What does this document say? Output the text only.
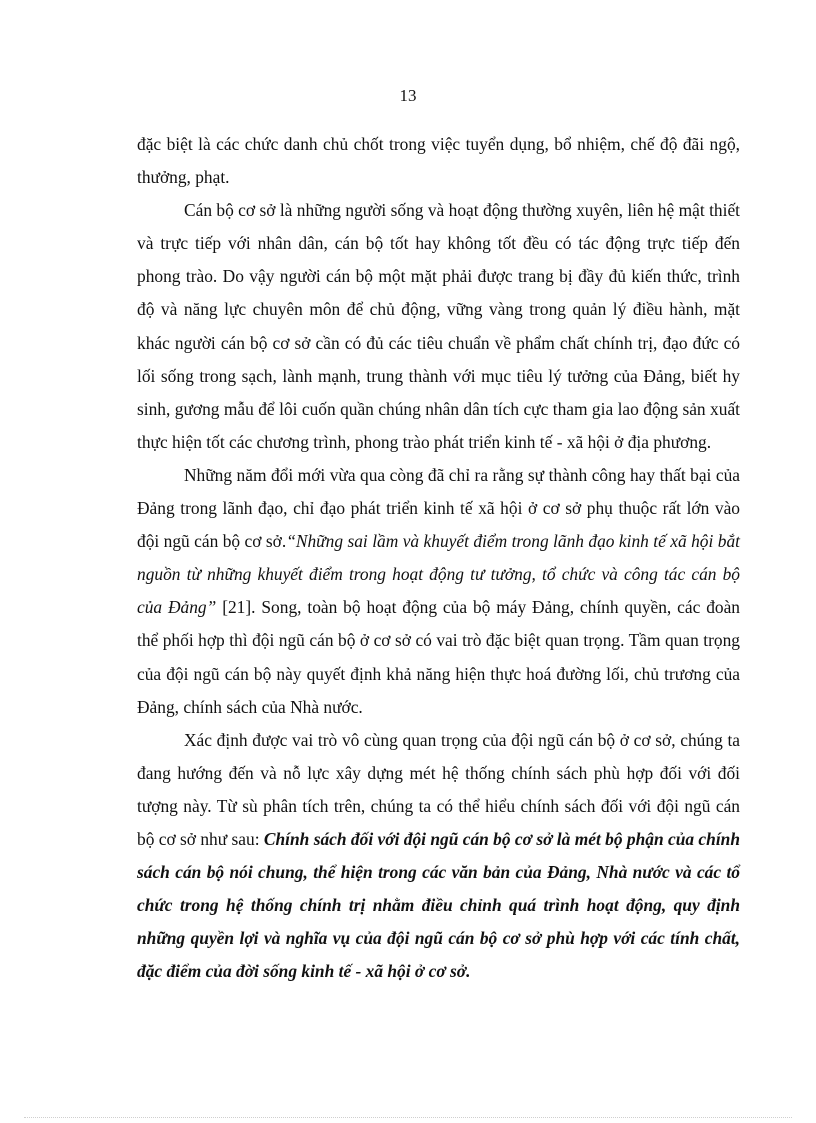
13

đặc biệt là các chức danh chủ chốt trong việc tuyển dụng, bổ nhiệm, chế độ đãi ngộ, thưởng, phạt.

Cán bộ cơ sở là những người sống và hoạt động thường xuyên, liên hệ mật thiết và trực tiếp với nhân dân, cán bộ tốt hay không tốt đều có tác động trực tiếp đến phong trào. Do vậy người cán bộ một mặt phải được trang bị đầy đủ kiến thức, trình độ và năng lực chuyên môn để chủ động, vững vàng trong quản lý điều hành, mặt khác người cán bộ cơ sở cần có đủ các tiêu chuẩn về phẩm chất chính trị, đạo đức có lối sống trong sạch, lành mạnh, trung thành với mục tiêu lý tưởng của Đảng, biết hy sinh, gương mẫu để lôi cuốn quần chúng nhân dân tích cực tham gia lao động sản xuất thực hiện tốt các chương trình, phong trào phát triển kinh tế - xã hội ở địa phương.

Những năm đổi mới vừa qua còng đã chỉ ra rằng sự thành công hay thất bại của Đảng trong lãnh đạo, chỉ đạo phát triển kinh tế xã hội ở cơ sở phụ thuộc rất lớn vào đội ngũ cán bộ cơ sở.“Những sai lầm và khuyết điểm trong lãnh đạo kinh tế xã hội bắt nguồn từ những khuyết điểm trong hoạt động tư tưởng, tổ chức và công tác cán bộ của Đảng” [21]. Song, toàn bộ hoạt động của bộ máy Đảng, chính quyền, các đoàn thể phối hợp thì đội ngũ cán bộ ở cơ sở có vai trò đặc biệt quan trọng. Tầm quan trọng của đội ngũ cán bộ này quyết định khả năng hiện thực hoá đường lối, chủ trương của Đảng, chính sách của Nhà nước.

Xác định được vai trò vô cùng quan trọng của đội ngũ cán bộ ở cơ sở, chúng ta đang hướng đến và nỗ lực xây dựng mét hệ thống chính sách phù hợp đối với đối tượng này. Từ sù phân tích trên, chúng ta có thể hiểu chính sách đối với đội ngũ cán bộ cơ sở như sau: Chính sách đối với đội ngũ cán bộ cơ sở là mét bộ phận của chính sách cán bộ nói chung, thể hiện trong các văn bản của Đảng, Nhà nước và các tổ chức trong hệ thống chính trị nhằm điều chỉnh quá trình hoạt động, quy định những quyền lợi và nghĩa vụ của đội ngũ cán bộ cơ sở phù hợp với các tính chất, đặc điểm của đời sống kinh tế - xã hội ở cơ sở.
